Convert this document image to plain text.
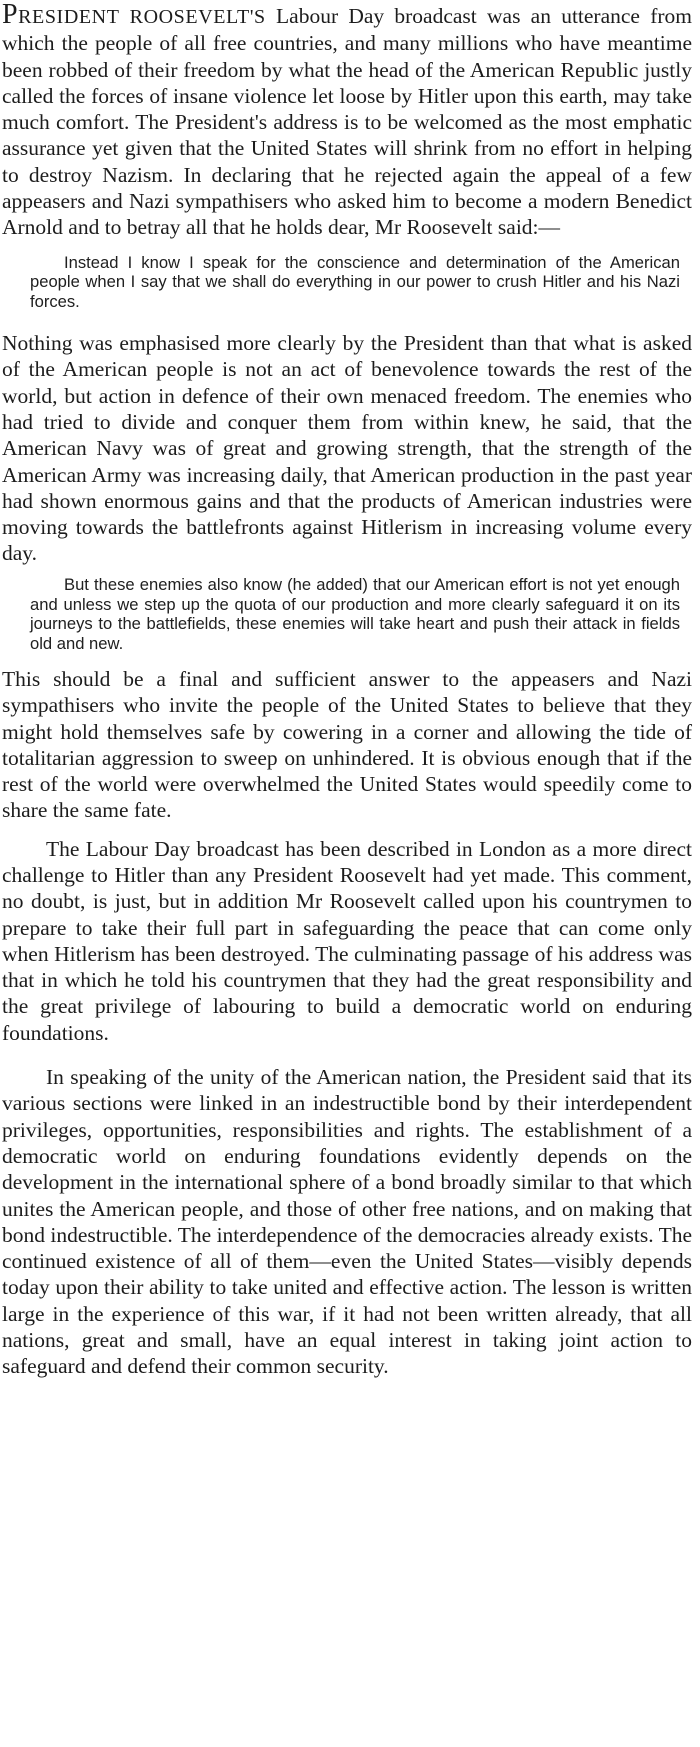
PRESIDENT ROOSEVELT'S Labour Day broadcast was an utterance from which the people of all free countries, and many millions who have meantime been robbed of their freedom by what the head of the American Republic justly called the forces of insane violence let loose by Hitler upon this earth, may take much comfort. The President's address is to be welcomed as the most emphatic assurance yet given that the United States will shrink from no effort in helping to destroy Nazism. In declaring that he rejected again the appeal of a few appeasers and Nazi sympathisers who asked him to become a modern Benedict Arnold and to betray all that he holds dear, Mr Roosevelt said:—

Instead I know I speak for the conscience and determination of the American people when I say that we shall do everything in our power to crush Hitler and his Nazi forces.

Nothing was emphasised more clearly by the President than that what is asked of the American people is not an act of benevolence towards the rest of the world, but action in defence of their own menaced freedom. The enemies who had tried to divide and conquer them from within knew, he said, that the American Navy was of great and growing strength, that the strength of the American Army was increasing daily, that American production in the past year had shown enormous gains and that the products of American industries were moving towards the battlefronts against Hitlerism in increasing volume every day.

But these enemies also know (he added) that our American effort is not yet enough and unless we step up the quota of our production and more clearly safeguard it on its journeys to the battlefields, these enemies will take heart and push their attack in fields old and new.

This should be a final and sufficient answer to the appeasers and Nazi sympathisers who invite the people of the United States to believe that they might hold themselves safe by cowering in a corner and allowing the tide of totalitarian aggression to sweep on unhindered. It is obvious enough that if the rest of the world were overwhelmed the United States would speedily come to share the same fate.

The Labour Day broadcast has been described in London as a more direct challenge to Hitler than any President Roosevelt had yet made. This comment, no doubt, is just, but in addition Mr Roosevelt called upon his countrymen to prepare to take their full part in safeguarding the peace that can come only when Hitlerism has been destroyed. The culminating passage of his address was that in which he told his countrymen that they had the great responsibility and the great privilege of labouring to build a democratic world on enduring foundations.

In speaking of the unity of the American nation, the President said that its various sections were linked in an indestructible bond by their interdependent privileges, opportunities, responsibilities and rights. The establishment of a democratic world on enduring foundations evidently depends on the development in the international sphere of a bond broadly similar to that which unites the American people, and those of other free nations, and on making that bond indestructible. The interdependence of the democracies already exists. The continued existence of all of them—even the United States—visibly depends today upon their ability to take united and effective action. The lesson is written large in the experience of this war, if it had not been written already, that all nations, great and small, have an equal interest in taking joint action to safeguard and defend their common security.
